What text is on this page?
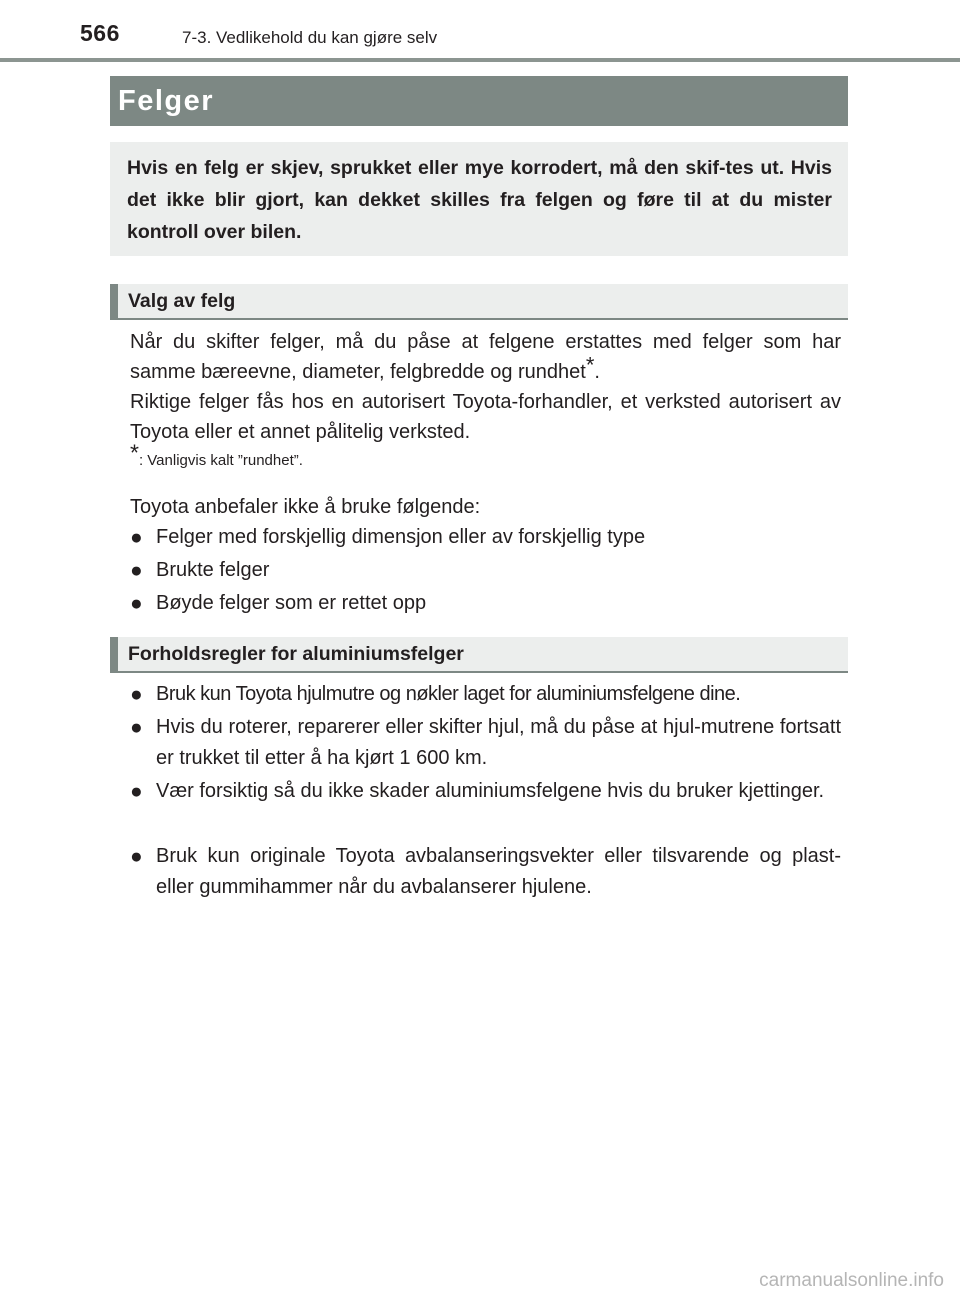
566	7-3. Vedlikehold du kan gjøre selv
Felger

Hvis en felg er skjev, sprukket eller mye korrodert, må den skif-tes ut. Hvis det ikke blir gjort, kan dekket skilles fra felgen og føre til at du mister kontroll over bilen.

Valg av felg

Når du skifter felger, må du påse at felgene erstattes med felger som har samme bæreevne, diameter, felgbredde og rundhet*.

Riktige felger fås hos en autorisert Toyota-forhandler, et verksted autorisert av Toyota eller et annet pålitelig verksted.

*: Vanligvis kalt ”rundhet”.

Toyota anbefaler ikke å bruke følgende:

● Felger med forskjellig dimensjon eller av forskjellig type
● Brukte felger
● Bøyde felger som er rettet opp
Forholdsregler for aluminiumsfelger
● Bruk kun Toyota hjulmutre og nøkler laget for aluminiumsfelgene dine.
● Hvis du roterer, reparerer eller skifter hjul, må du påse at hjul-mutrene fortsatt er trukket til etter å ha kjørt 1 600 km.
● Vær forsiktig så du ikke skader aluminiumsfelgene hvis du bruker kjettinger.
● Bruk kun originale Toyota avbalanseringsvekter eller tilsvarende og plast- eller gummihammer når du avbalanserer hjulene.
carmanualsonline.info
